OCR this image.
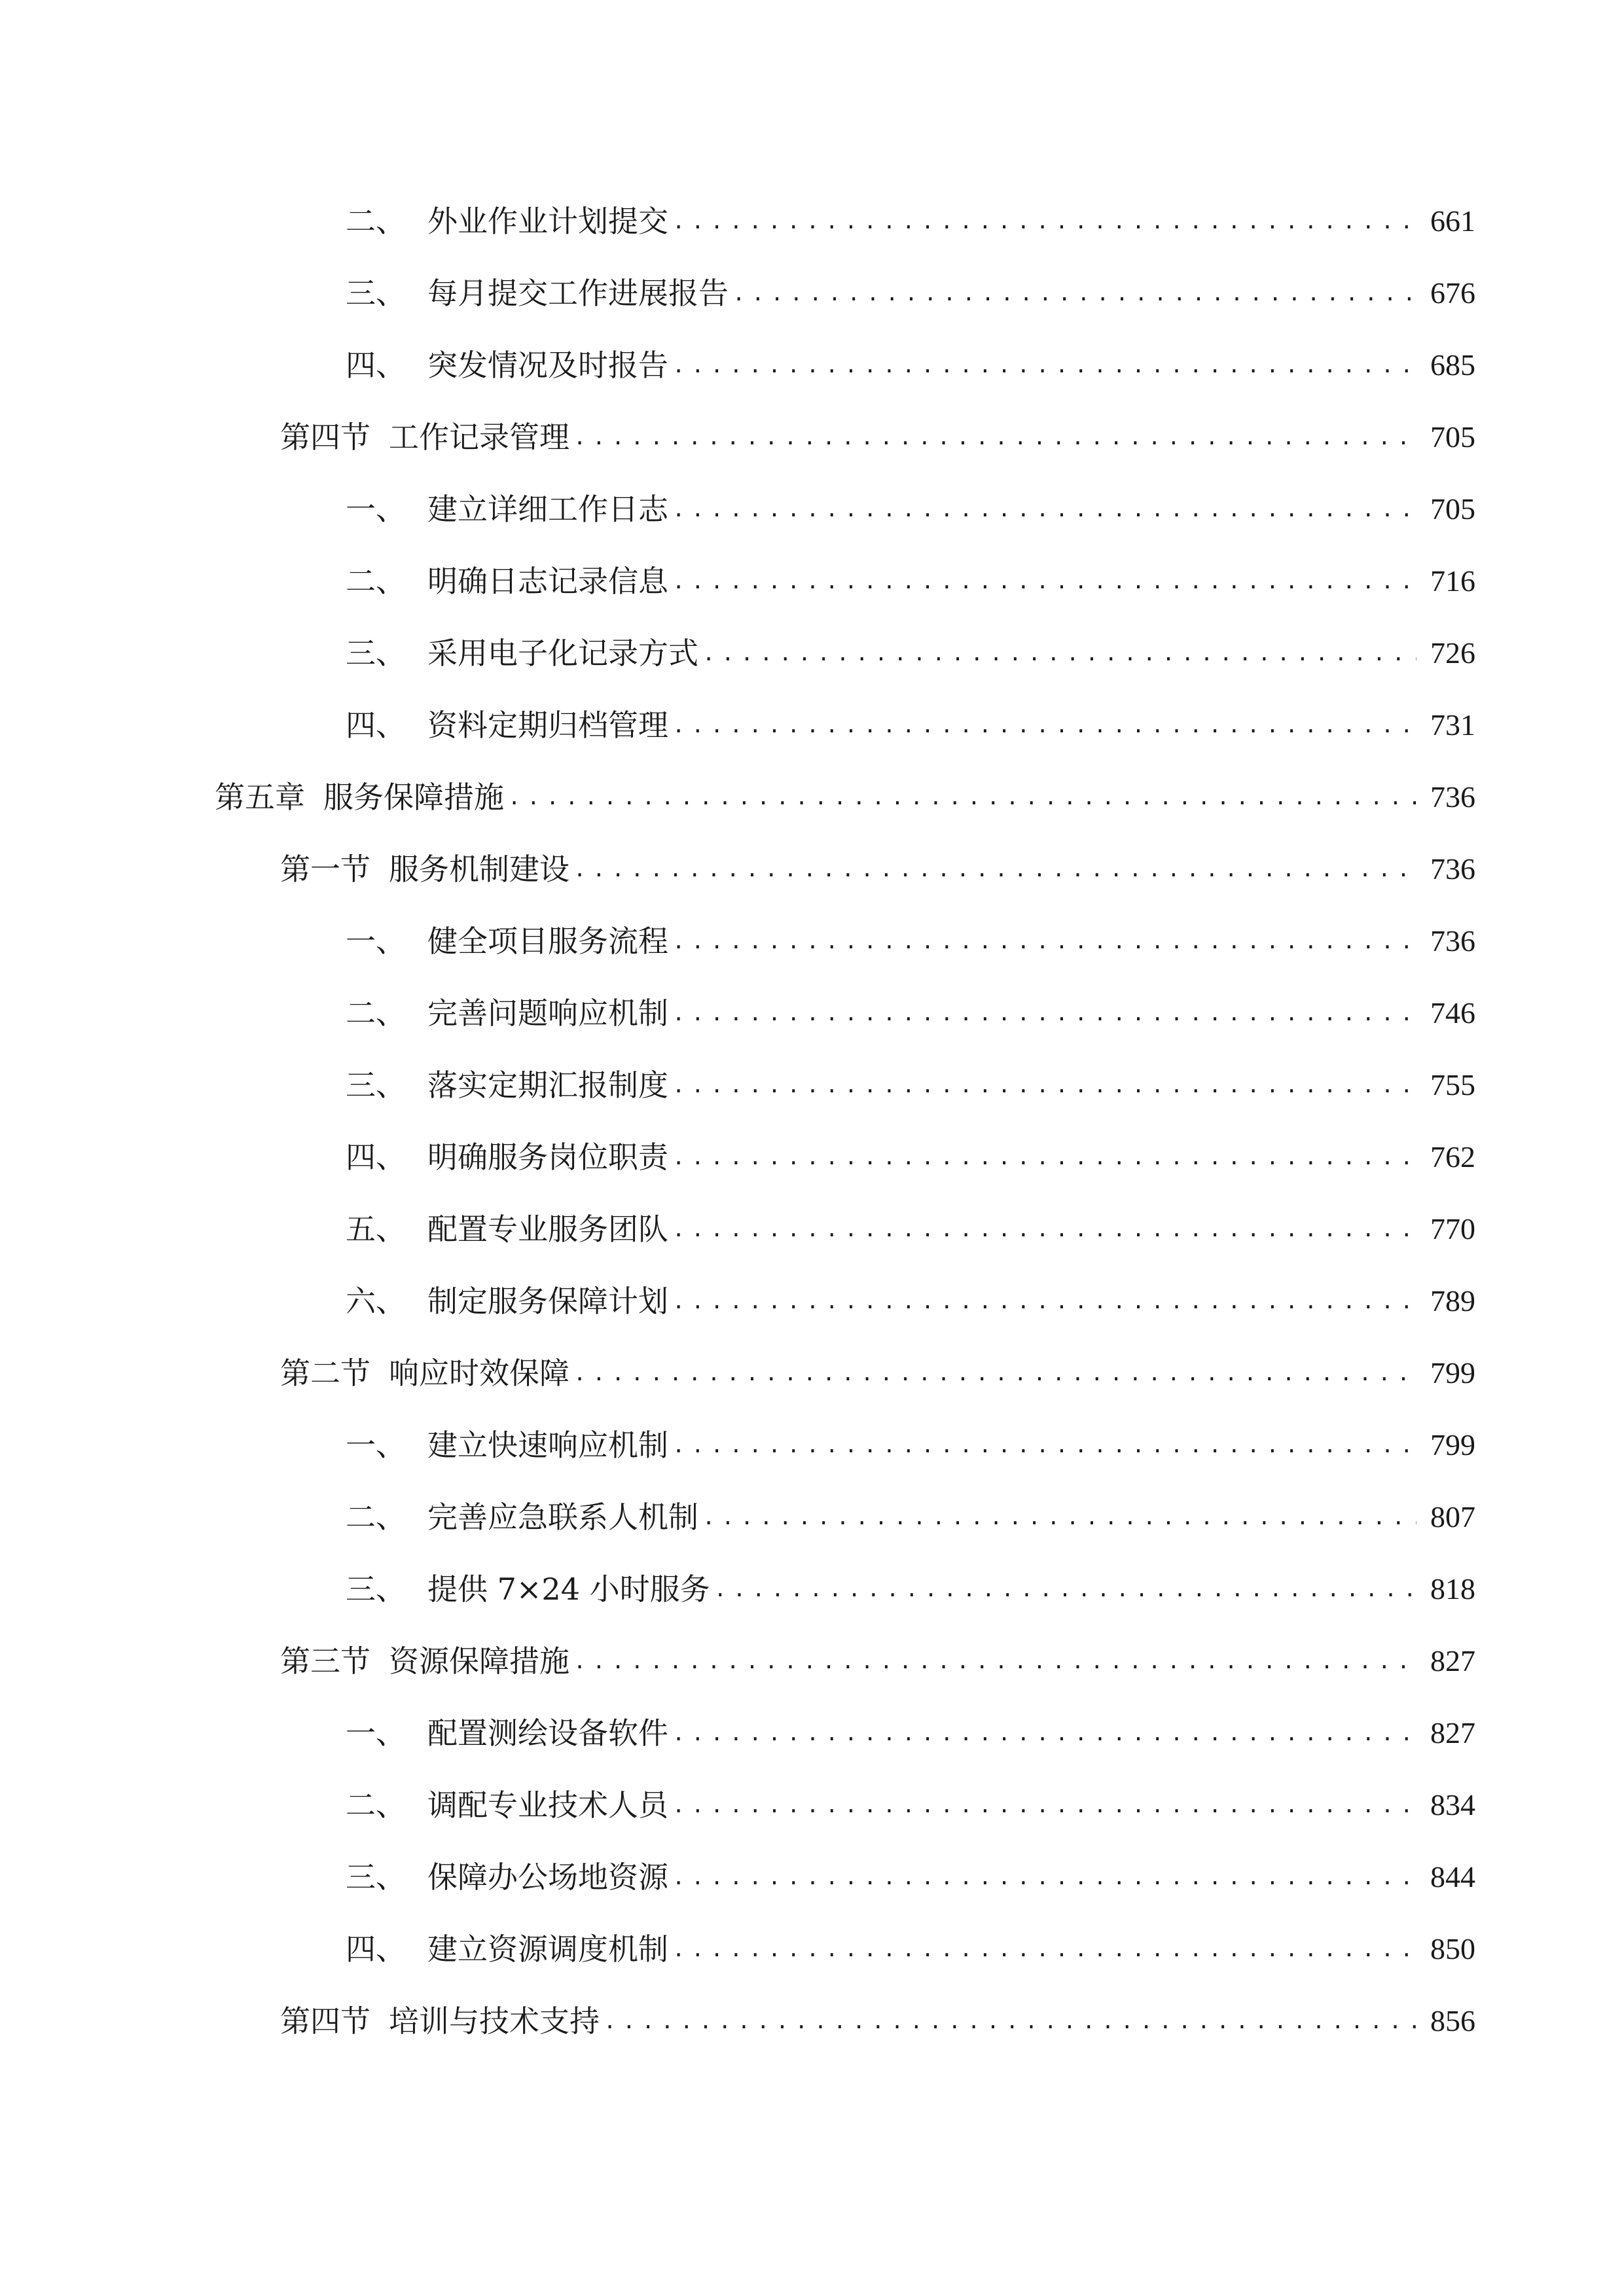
二、 外业作业计划提交 .....	661
三、 每月提交工作进展报告 .....	676
四、 突发情况及时报告 .....	685
第四节 工作记录管理 .....	705
一、 建立详细工作日志 .....	705
二、 明确日志记录信息 .....	716
三、 采用电子化记录方式 .....	726
四、 资料定期归档管理 .....	731
第五章 服务保障措施 .....	736
第一节 服务机制建设 .....	736
一、 健全项目服务流程 .....	736
二、 完善问题响应机制 .....	746
三、 落实定期汇报制度 .....	755
四、 明确服务岗位职责 .....	762
五、 配置专业服务团队 .....	770
六、 制定服务保障计划 .....	789
第二节 响应时效保障 .....	799
一、 建立快速响应机制 .....	799
二、 完善应急联系人机制 .....	807
三、 提供 7×24 小时服务 .....	818
第三节 资源保障措施 .....	827
一、 配置测绘设备软件 .....	827
二、 调配专业技术人员 .....	834
三、 保障办公场地资源 .....	844
四、 建立资源调度机制 .....	850
第四节 培训与技术支持 .....	856
